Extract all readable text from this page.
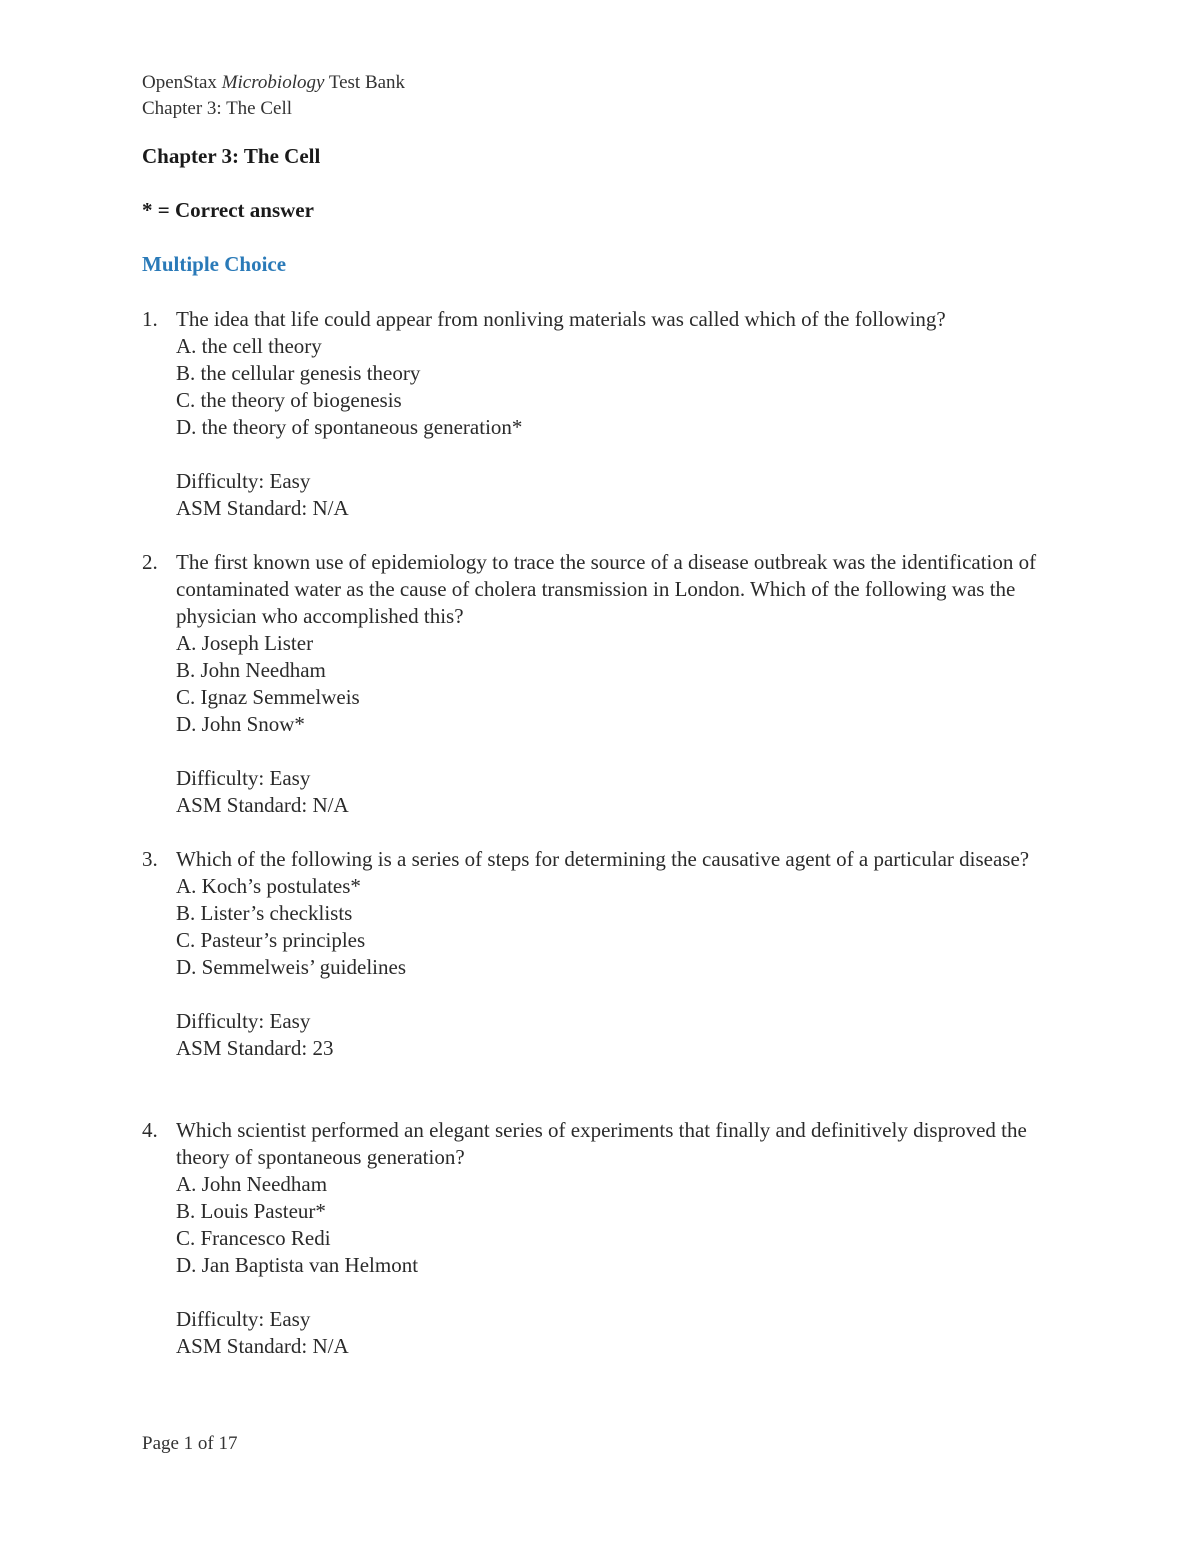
OpenStax Microbiology Test Bank
Chapter 3: The Cell
Chapter 3: The Cell
* = Correct answer
Multiple Choice
1. The idea that life could appear from nonliving materials was called which of the following?
A. the cell theory
B. the cellular genesis theory
C. the theory of biogenesis
D. the theory of spontaneous generation*
Difficulty: Easy
ASM Standard: N/A
2. The first known use of epidemiology to trace the source of a disease outbreak was the identification of contaminated water as the cause of cholera transmission in London. Which of the following was the physician who accomplished this?
A. Joseph Lister
B. John Needham
C. Ignaz Semmelweis
D. John Snow*
Difficulty: Easy
ASM Standard: N/A
3. Which of the following is a series of steps for determining the causative agent of a particular disease?
A. Koch’s postulates*
B. Lister’s checklists
C. Pasteur’s principles
D. Semmelweis’ guidelines
Difficulty: Easy
ASM Standard: 23
4. Which scientist performed an elegant series of experiments that finally and definitively disproved the theory of spontaneous generation?
A. John Needham
B. Louis Pasteur*
C. Francesco Redi
D. Jan Baptista van Helmont
Difficulty: Easy
ASM Standard: N/A
Page 1 of 17
